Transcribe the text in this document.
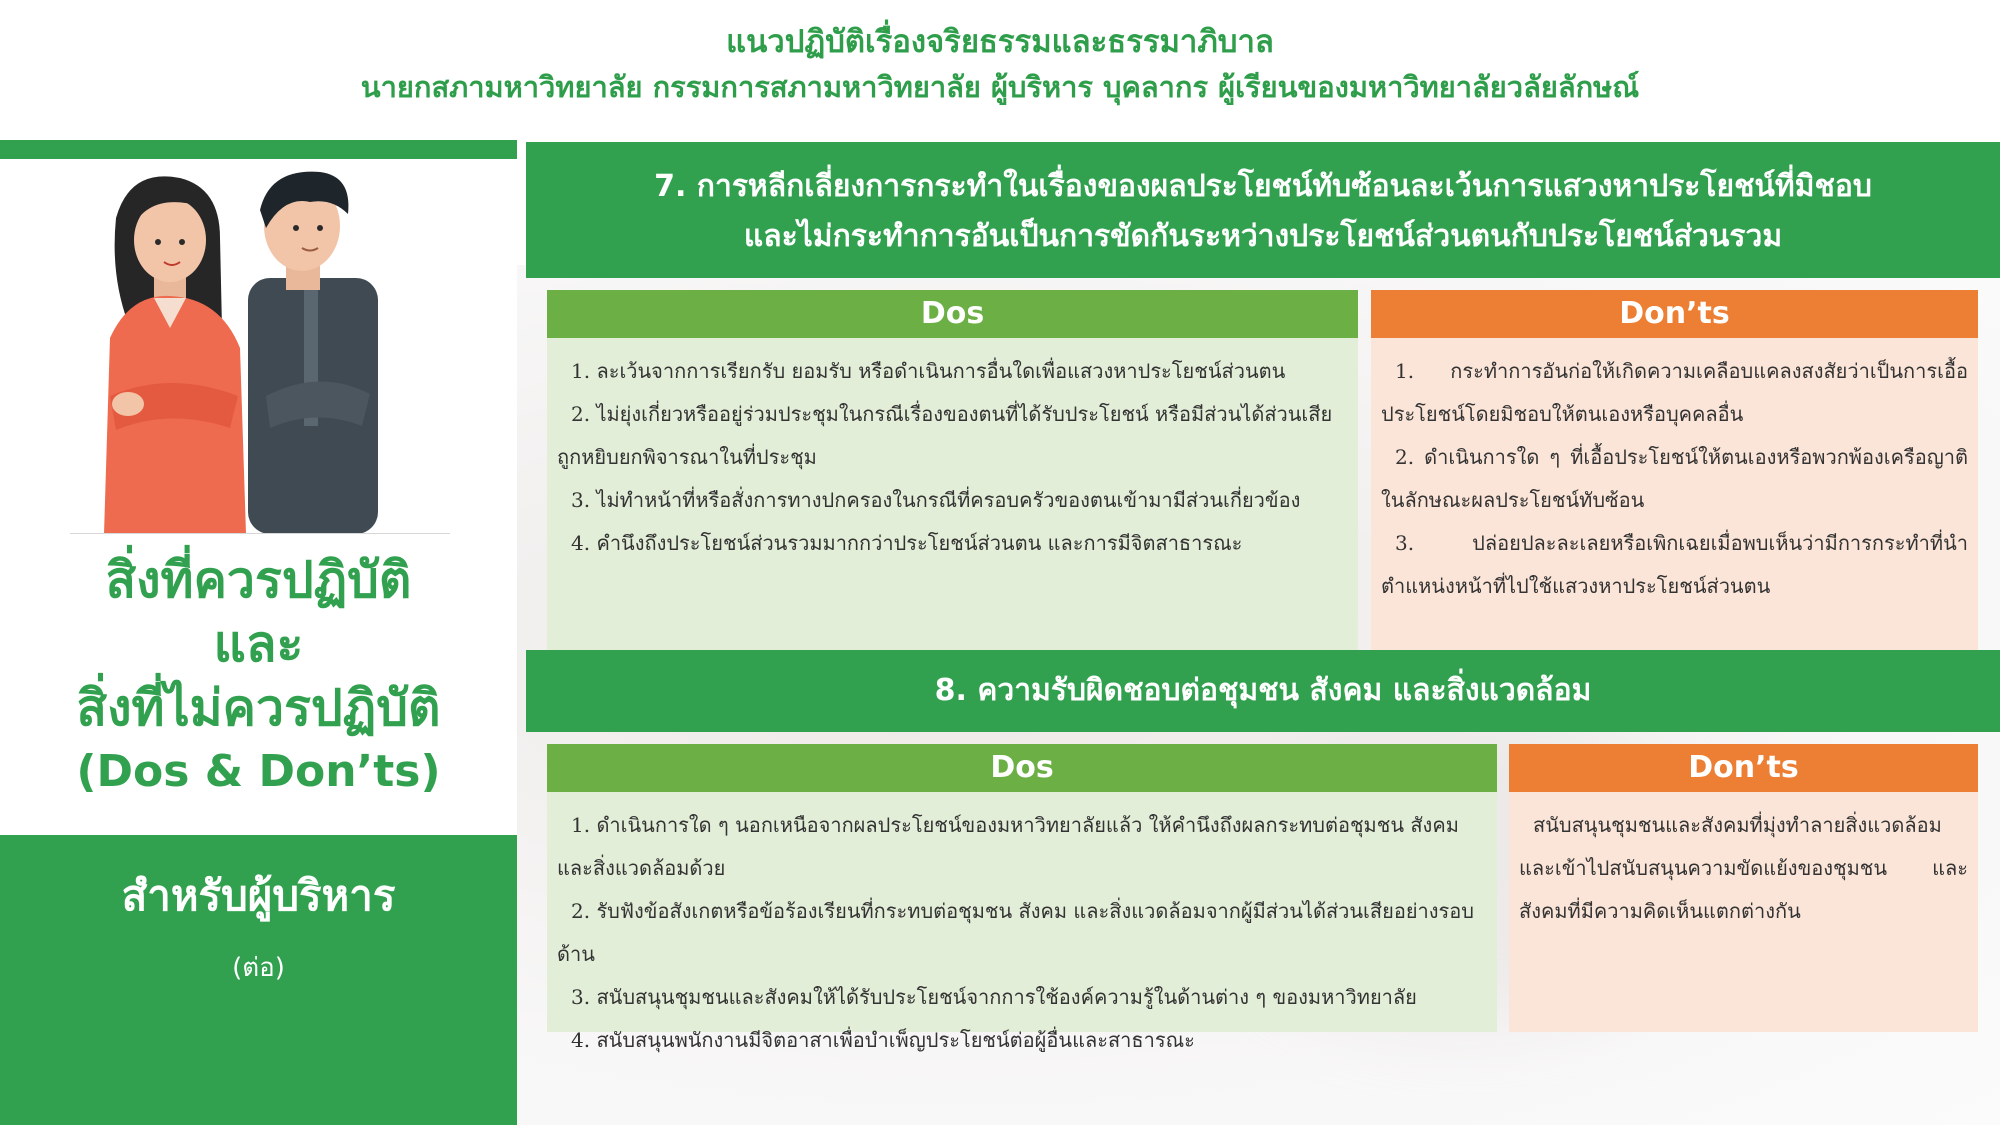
แนวปฏิบัติเรื่องจริยธรรมและธรรมาภิบาล
นายกสภามหาวิทยาลัย กรรมการสภามหาวิทยาลัย ผู้บริหาร บุคลากร ผู้เรียนของมหาวิทยาลัยวลัยลักษณ์
สิ่งที่ควรปฏิบัติ
และ
สิ่งที่ไม่ควรปฏิบัติ
(Dos & Don’ts)
สำหรับผู้บริหาร
(ต่อ)
7. การหลีกเลี่ยงการกระทำในเรื่องของผลประโยชน์ทับซ้อนละเว้นการแสวงหาประโยชน์ที่มิชอบ
และไม่กระทำการอันเป็นการขัดกันระหว่างประโยชน์ส่วนตนกับประโยชน์ส่วนรวม
Dos

1. ละเว้นจากการเรียกรับ ยอมรับ หรือดำเนินการอื่นใดเพื่อแสวงหาประโยชน์ส่วนตน

2. ไม่ยุ่งเกี่ยวหรืออยู่ร่วมประชุมในกรณีเรื่องของตนที่ได้รับประโยชน์ หรือมีส่วนได้ส่วนเสียถูกหยิบยกพิจารณาในที่ประชุม

3. ไม่ทำหน้าที่หรือสั่งการทางปกครองในกรณีที่ครอบครัวของตนเข้ามามีส่วนเกี่ยวข้อง

4. คำนึงถึงประโยชน์ส่วนรวมมากกว่าประโยชน์ส่วนตน และการมีจิตสาธารณะ

Don’ts

1. กระทำการอันก่อให้เกิดความเคลือบแคลงสงสัยว่าเป็นการเอื้อประโยชน์โดยมิชอบให้ตนเองหรือบุคคลอื่น

2. ดำเนินการใด ๆ ที่เอื้อประโยชน์ให้ตนเองหรือพวกพ้องเครือญาติ ในลักษณะผลประโยชน์ทับซ้อน

3. ปล่อยปละละเลยหรือเพิกเฉยเมื่อพบเห็นว่ามีการกระทำที่นำตำแหน่งหน้าที่ไปใช้แสวงหาประโยชน์ส่วนตน

8. ความรับผิดชอบต่อชุมชน สังคม และสิ่งแวดล้อม
Dos

1. ดำเนินการใด ๆ นอกเหนือจากผลประโยชน์ของมหาวิทยาลัยแล้ว ให้คำนึงถึงผลกระทบต่อชุมชน สังคมและสิ่งแวดล้อมด้วย

2. รับฟังข้อสังเกตหรือข้อร้องเรียนที่กระทบต่อชุมชน สังคม และสิ่งแวดล้อมจากผู้มีส่วนได้ส่วนเสียอย่างรอบด้าน

3. สนับสนุนชุมชนและสังคมให้ได้รับประโยชน์จากการใช้องค์ความรู้ในด้านต่าง ๆ ของมหาวิทยาลัย

4. สนับสนุนพนักงานมีจิตอาสาเพื่อบำเพ็ญประโยชน์ต่อผู้อื่นและสาธารณะ

Don’ts

สนับสนุนชุมชนและสังคมที่มุ่งทำลายสิ่งแวดล้อม และเข้าไปสนับสนุนความขัดแย้งของชุมชน และสังคมที่มีความคิดเห็นแตกต่างกัน
